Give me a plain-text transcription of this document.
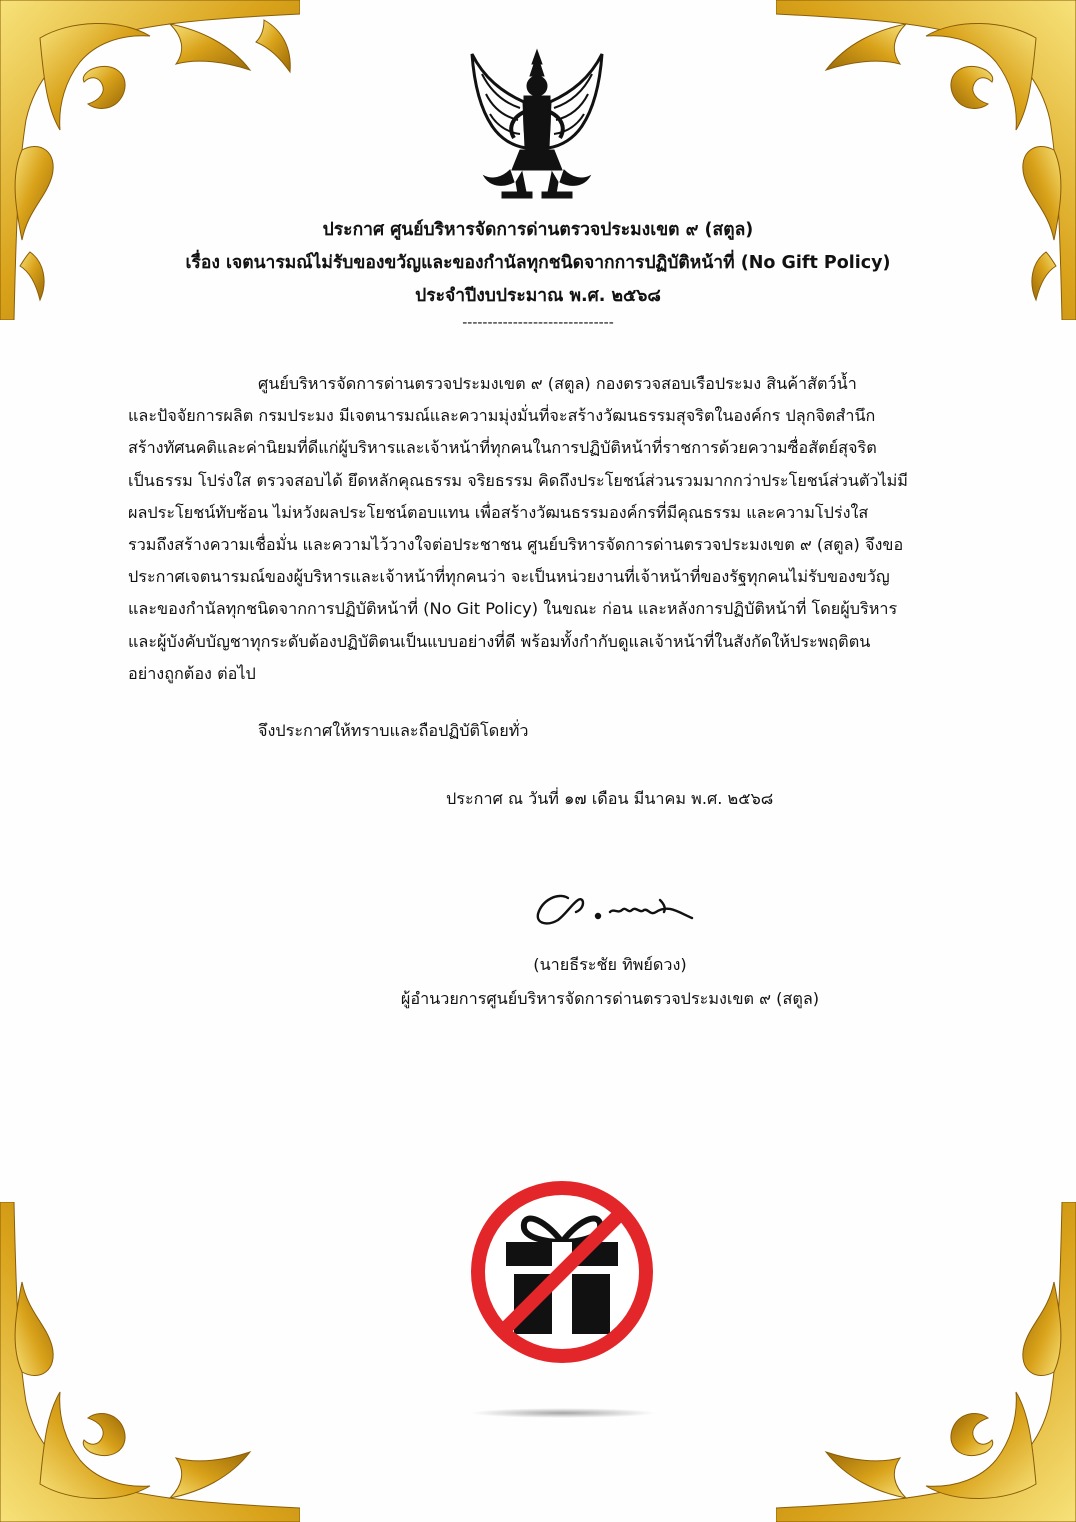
ประกาศ ศูนย์บริหารจัดการด่านตรวจประมงเขต ๙ (สตูล)
เรื่อง เจตนารมณ์ไม่รับของขวัญและของกำนัลทุกชนิดจากการปฏิบัติหน้าที่ (No Gift Policy)
ประจำปีงบประมาณ พ.ศ. ๒๕๖๘
------------------------------
ศูนย์บริหารจัดการด่านตรวจประมงเขต ๙ (สตูล) กองตรวจสอบเรือประมง สินค้าสัตว์น้ำ
และปัจจัยการผลิต กรมประมง มีเจตนารมณ์และความมุ่งมั่นที่จะสร้างวัฒนธรรมสุจริตในองค์กร ปลุกจิตสำนึก
สร้างทัศนคติและค่านิยมที่ดีแก่ผู้บริหารและเจ้าหน้าที่ทุกคนในการปฏิบัติหน้าที่ราชการด้วยความซื่อสัตย์สุจริต
เป็นธรรม โปร่งใส ตรวจสอบได้ ยึดหลักคุณธรรม จริยธรรม คิดถึงประโยชน์ส่วนรวมมากกว่าประโยชน์ส่วนตัวไม่มี
ผลประโยชน์ทับซ้อน ไม่หวังผลประโยชน์ตอบแทน เพื่อสร้างวัฒนธรรมองค์กรที่มีคุณธรรม และความโปร่งใส
รวมถึงสร้างความเชื่อมั่น และความไว้วางใจต่อประชาชน ศูนย์บริหารจัดการด่านตรวจประมงเขต ๙ (สตูล) จึงขอ
ประกาศเจตนารมณ์ของผู้บริหารและเจ้าหน้าที่ทุกคนว่า จะเป็นหน่วยงานที่เจ้าหน้าที่ของรัฐทุกคนไม่รับของขวัญ
และของกำนัลทุกชนิดจากการปฏิบัติหน้าที่ (No Git Policy) ในขณะ ก่อน และหลังการปฏิบัติหน้าที่ โดยผู้บริหาร
และผู้บังคับบัญชาทุกระดับต้องปฏิบัติตนเป็นแบบอย่างที่ดี พร้อมทั้งกำกับดูแลเจ้าหน้าที่ในสังกัดให้ประพฤติตน
อย่างถูกต้อง ต่อไป
จึงประกาศให้ทราบและถือปฏิบัติโดยทั่ว
ประกาศ ณ วันที่ ๑๗ เดือน มีนาคม พ.ศ. ๒๕๖๘
(นายธีระชัย ทิพย์ดวง)
ผู้อำนวยการศูนย์บริหารจัดการด่านตรวจประมงเขต ๙ (สตูล)
